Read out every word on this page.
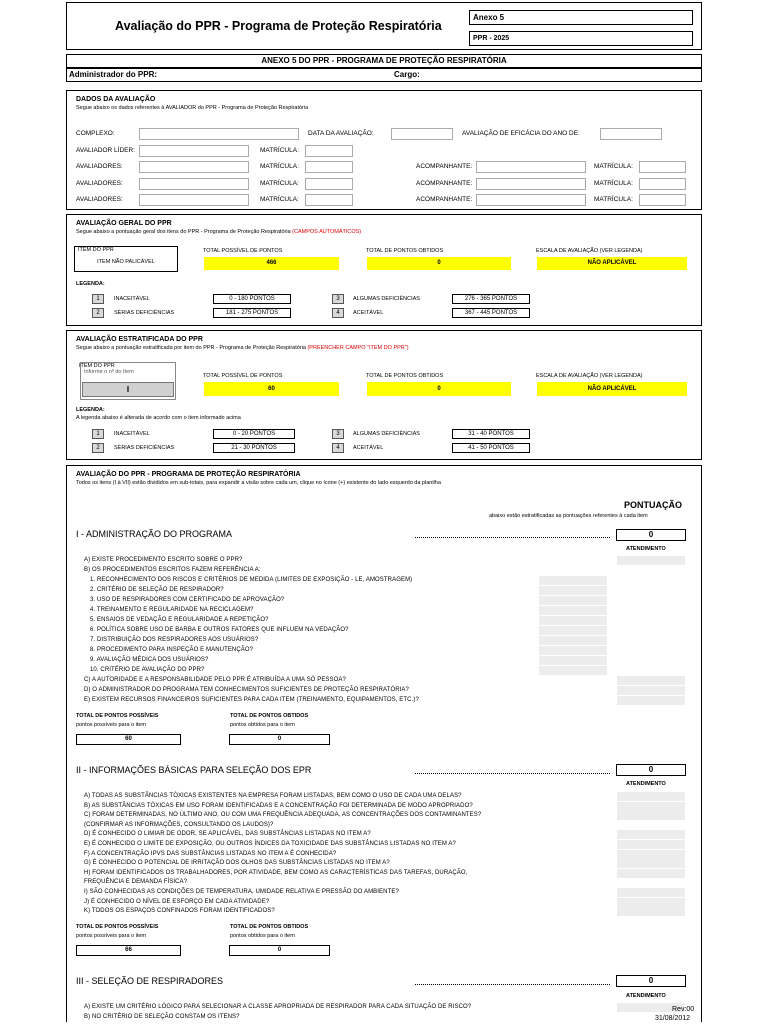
Avaliação do PPR - Programa de Proteção Respiratória
Anexo 5
PPR - 2025
ANEXO 5 DO PPR - PROGRAMA DE PROTEÇÃO RESPIRATÓRIA
Administrador do PPR:	Cargo:
DADOS DA AVALIAÇÃO
Segue abaixo os dados referentes à AVALIADOR do PPR - Programa de Proteção Respiratória
COMPLEXO:	DATA DA AVALIAÇÃO:	AVALIAÇÃO DE EFICÁCIA DO ANO DE:
AVALIADOR LÍDER:	MATRÍCULA:
AVALIADORES:	MATRÍCULA:	ACOMPANHANTE:	MATRÍCULA:
AVALIADORES:	MATRÍCULA:	ACOMPANHANTE:	MATRÍCULA:
AVALIADORES:	MATRÍCULA:	ACOMPANHANTE:	MATRÍCULA:
AVALIAÇÃO GERAL DO PPR
Segue abaixo a pontuação geral dos itens do PPR - Programa de Proteção Respiratória (CAMPOS AUTOMÁTICOS)
ITEM DO PPR
ITEM NÃO PALICÁVEL
TOTAL POSSÍVEL DE PONTOS
466
TOTAL DE PONTOS OBTIDOS
0
ESCALA DE AVALIAÇÃO (VER LEGENDA)
NÃO APLICÁVEL
LEGENDA:
1	INACEITÁVEL	0 - 180 PONTOS
2	SÉRIAS DEFICIÊNCIAS	181 - 275 PONTOS
3	ALGUMAS DEFICIÊNCIAS	276 - 365 PONTOS
4	ACEITÁVEL	367 - 445 PONTOS
AVALIAÇÃO ESTRATIFICADA DO PPR
Segue abaixo a pontuação estratificada por item do PPR - Programa de Proteção Respiratória (PREENCHER CAMPO "ITEM DO PPR")
ITEM DO PPR
Informe o nº do Item
I
TOTAL POSSÍVEL DE PONTOS
60
TOTAL DE PONTOS OBTIDOS
0
ESCALA DE AVALIAÇÃO (VER LEGENDA)
NÃO APLICÁVEL
LEGENDA:
A legenda abaixo é alterada de acordo com o item informado acima
1	INACEITÁVEL	0 - 20 PONTOS
2	SÉRIAS DEFICIÊNCIAS	21 - 30 PONTOS
3	ALGUMAS DEFICIÊNCIAS	31 - 40 PONTOS
4	ACEITÁVEL	41 - 50 PONTOS
AVALIAÇÃO DO PPR - PROGRAMA DE PROTEÇÃO RESPIRATÓRIA
Todos os itens (I à VII) estão divididos em sub-totais, para expandir a visão sobre cada um, clique no ícone (+) existente do lado esquerdo da planilha
PONTUAÇÃO
abaixo estão estratificadas as pontuações referentes à cada item
I - ADMINISTRAÇÃO DO PROGRAMA	0
ATENDIMENTO
A) EXISTE PROCEDIMENTO ESCRITO SOBRE O PPR?
B) OS PROCEDIMENTOS ESCRITOS FAZEM REFERÊNCIA A:
1. RECONHECIMENTO DOS RISCOS E CRITÉRIOS DE MEDIDA (LIMITES DE EXPOSIÇÃO - LE, AMOSTRAGEM)
2. CRITÉRIO DE SELEÇÃO DE RESPIRADOR?
3. USO DE RESPIRADORES COM CERTIFICADO DE APROVAÇÃO?
4. TREINAMENTO E REGULARIDADE NA RECICLAGEM?
5. ENSAIOS DE VEDAÇÃO E REGULARIDADE A REPETIÇÃO?
6. POLÍTICA SOBRE USO DE BARBA E OUTROS FATORES QUE INFLUEM NA VEDAÇÃO?
7. DISTRIBUIÇÃO DOS RESPIRADORES AOS USUÁRIOS?
8. PROCEDIMENTO PARA INSPEÇÃO E MANUTENÇÃO?
9. AVALIAÇÃO MÉDICA DOS USUÁRIOS?
10. CRITÉRIO DE AVALIAÇÃO DO PPR?
C) A AUTORIDADE E A RESPONSABILIDADE PELO PPR É ATRIBUÍDA A UMA SÓ PESSOA?
D) O ADMINISTRADOR DO PROGRAMA TEM CONHECIMENTOS SUFICIENTES DE PROTEÇÃO RESPIRATÓRIA?
E) EXISTEM RECURSOS FINANCEIROS SUFICIENTES PARA CADA ITEM (TREINAMENTO, EQUIPAMENTOS, ETC.)?
TOTAL DE PONTOS POSSÍVEIS
pontos possíveis para o item
60
TOTAL DE PONTOS OBTIDOS
pontos obtidos para o item
0
II - INFORMAÇÕES BÁSICAS PARA SELEÇÃO DOS EPR	0
ATENDIMENTO
A) TODAS AS SUBSTÂNCIAS TÓXICAS EXISTENTES NA EMPRESA FORAM LISTADAS, BEM COMO O USO DE CADA UMA DELAS?
B) AS SUBSTÂNCIAS TÓXICAS EM USO FORAM IDENTIFICADAS E A CONCENTRAÇÃO FOI DETERMINADA DE MODO APROPRIADO?
C) FORAM DETERMINADAS, NO ÚLTIMO ANO, OU COM UMA FREQUÊNCIA ADEQUADA, AS CONCENTRAÇÕES DOS CONTAMINANTES?
(CONFIRMAR AS INFORMAÇÕES, CONSULTANDO OS LAUDOS)?
D) É CONHECIDO O LIMIAR DE ODOR, SE APLICÁVEL, DAS SUBSTÂNCIAS LISTADAS NO ITEM A?
E) É CONHECIDO O LIMITE DE EXPOSIÇÃO, OU OUTROS ÍNDICES DA TOXICIDADE DAS SUBSTÂNCIAS LISTADAS NO ITEM A?
F) A CONCENTRAÇÃO IPVS DAS SUBSTÂNCIAS LISTADAS NO ITEM A É CONHECIDA?
G) É CONHECIDO O POTENCIAL DE IRRITAÇÃO DOS OLHOS DAS SUBSTÂNCIAS LISTADAS NO ITEM A?
H) FORAM IDENTIFICADOS OS TRABALHADORES, POR ATIVIDADE, BEM COMO AS CARACTERÍSTICAS DAS TAREFAS, DURAÇÃO,
FREQUÊNCIA E DEMANDA FÍSICA?
I) SÃO CONHECIDAS AS CONDIÇÕES DE TEMPERATURA, UMIDADE RELATIVA E PRESSÃO DO AMBIENTE?
J) É CONHECIDO O NÍVEL DE ESFORÇO EM CADA ATIVIDADE?
K) TODOS OS ESPAÇOS CONFINADOS FORAM IDENTIFICADOS?
TOTAL DE PONTOS POSSÍVEIS
pontos possíveis para o item
66
TOTAL DE PONTOS OBTIDOS
pontos obtidos para o item
0
III - SELEÇÃO DE RESPIRADORES	0
ATENDIMENTO
A) EXISTE UM CRITÉRIO LÓGICO PARA SELECIONAR A CLASSE APROPRIADA DE RESPIRADOR PARA CADA SITUAÇÃO DE RISCO?
B) NO CRITÉRIO DE SELEÇÃO CONSTAM OS ITENS?
Rev:00
31/08/2012
